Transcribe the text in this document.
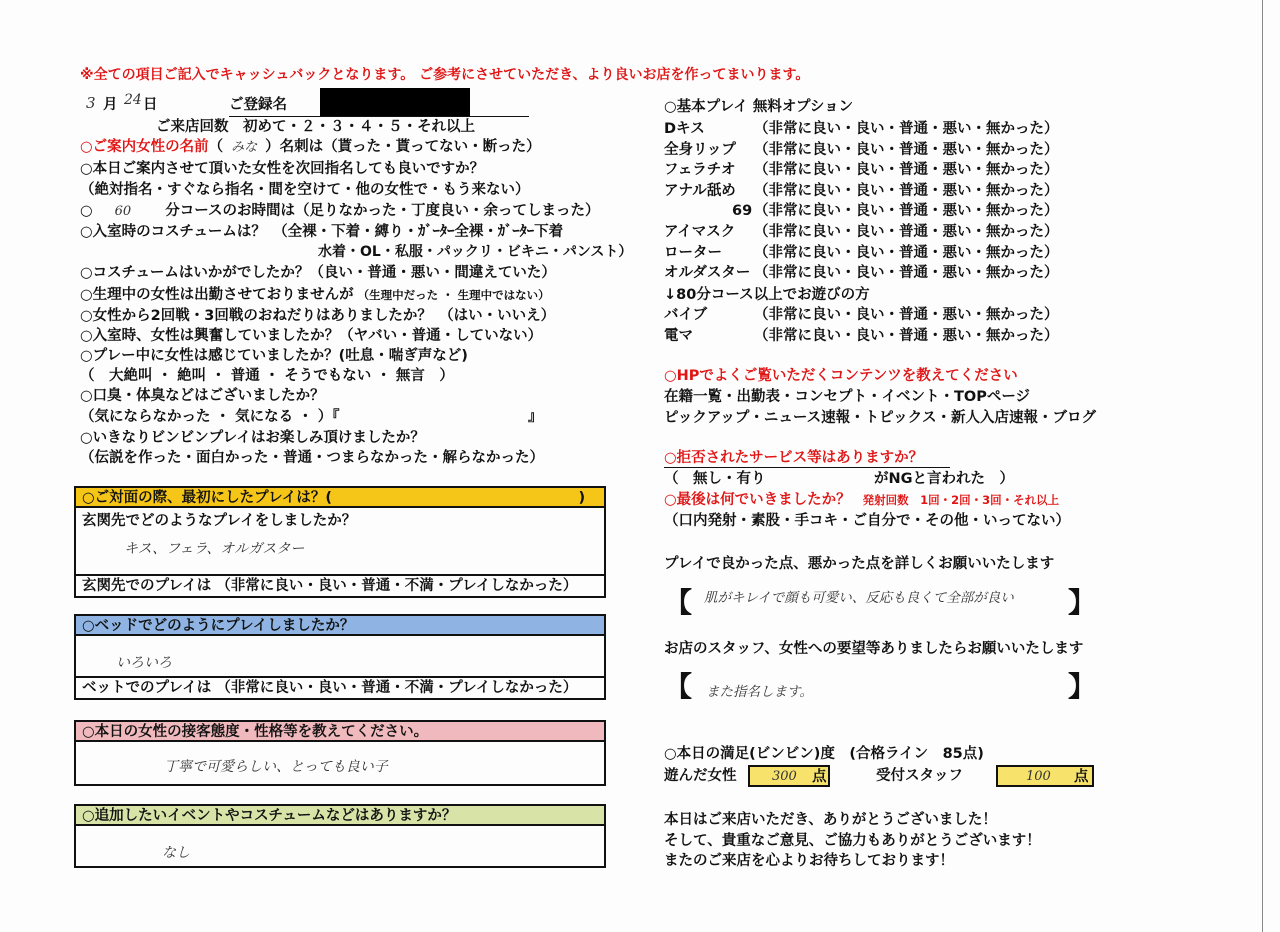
※全ての項目ご記入でキャッシュバックとなります。 ご参考にさせていただき、より良いお店を作ってまいります。
3 月 24 日	ご登録名
ご来店回数　初めて・２・３・４・５・それ以上
○ご案内女性の名前（ みな ）名刺は（貰った・貰ってない・断った）
○本日ご案内させて頂いた女性を次回指名しても良いですか？
（絶対指名・すぐなら指名・間を空けて・他の女性で・もう来ない）
○ 60 分コースのお時間は（足りなかった・丁度良い・余ってしまった）
○入室時のコスチュームは？　（全裸・下着・縛り・ｶﾞｰﾀｰ全裸・ｶﾞｰﾀｰ下着
水着・OL・私服・パックリ・ビキニ・パンスト）
○コスチュームはいかがでしたか？（良い・普通・悪い・間違えていた）
○生理中の女性は出勤させておりませんが （生理中だった ・ 生理中ではない）
○女性から2回戦・3回戦のおねだりはありましたか？　（はい・いいえ）
○入室時、女性は興奮していましたか？（ヤバい・普通・していない）
○プレー中に女性は感じていましたか？(吐息・喘ぎ声など)
（　大絶叫 ・ 絶叫 ・ 普通 ・ そうでもない ・ 無言　）
○口臭・体臭などはございましたか？
（気にならなかった ・ 気になる ・ ）『	』
○いきなりビンビンプレイはお楽しみ頂けましたか？
（伝説を作った・面白かった・普通・つまらなかった・解らなかった）
○ご対面の際、最初にしたプレイは？(　　　　　　　　　　　　　　　　　)
玄関先でどのようなプレイをしましたか？
キス、フェラ、オルガスター
玄関先でのプレイは （非常に良い・良い・普通・不満・プレイしなかった）
○ベッドでどのようにプレイしましたか？
いろいろ
ベットでのプレイは （非常に良い・良い・普通・不満・プレイしなかった）
○本日の女性の接客態度・性格等を教えてください。
丁寧で可愛らしい、とっても良い子
○追加したいイベントやコスチュームなどはありますか？
なし
○基本プレイ 無料オプション
Dキス	（非常に良い・良い・普通・悪い・無かった）
全身リップ （非常に良い・良い・普通・悪い・無かった）
フェラチオ （非常に良い・良い・普通・悪い・無かった）
アナル舐め （非常に良い・良い・普通・悪い・無かった）
69 （非常に良い・良い・普通・悪い・無かった）
アイマスク （非常に良い・良い・普通・悪い・無かった）
ローター （非常に良い・良い・普通・悪い・無かった）
オルダスター （非常に良い・良い・普通・悪い・無かった）
↓80分コース以上でお遊びの方
バイブ	（非常に良い・良い・普通・悪い・無かった）
電マ	（非常に良い・良い・普通・悪い・無かった）
○HPでよくご覧いただくコンテンツを教えてください
在籍一覧・出勤表・コンセプト・イベント・TOPページ
ピックアップ・ニュース速報・トピックス・新人入店速報・ブログ
○拒否されたサービス等はありますか？
（　無し・有り	がNGと言われた　）
○最後は何でいきましたか？ 発射回数　1回・2回・3回・それ以上
（口内発射・素股・手コキ・ご自分で・その他・いってない）
プレイで良かった点、悪かった点を詳しくお願いいたします
【 肌がキレイで顔も可愛い、反応も良くて全部が良い 】
お店のスタッフ、女性への要望等ありましたらお願いいたします
【 また指名します。	】
○本日の満足(ビンビン)度　(合格ライン　85点)
遊んだ女性	300 点	受付スタッフ	100 点
本日はご来店いただき、ありがとうございました！
そして、貴重なご意見、ご協力もありがとうございます！
またのご来店を心よりお待ちしております！
